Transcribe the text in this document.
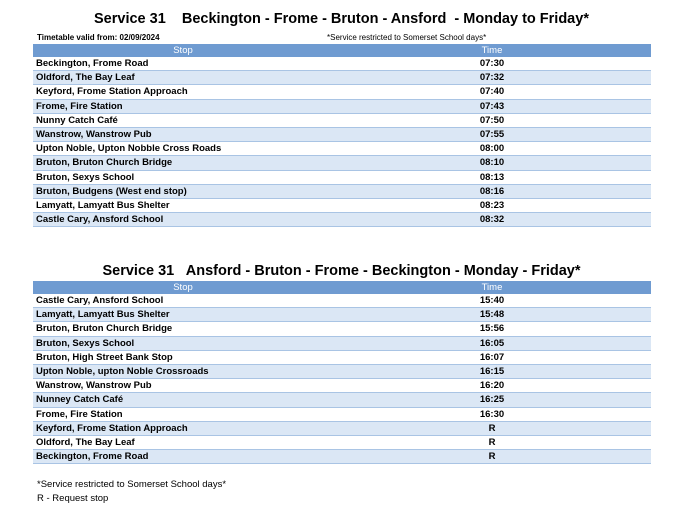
Service 31    Beckington - Frome - Bruton - Ansford  - Monday to Friday*
Timetable valid from: 02/09/2024	*Service restricted to Somerset School days*
Stop	Time
Beckington, Frome Road	07:30
Oldford, The Bay Leaf	07:32
Keyford, Frome Station Approach	07:40
Frome, Fire Station	07:43
Nunny Catch Café	07:50
Wanstrow, Wanstrow Pub	07:55
Upton Noble, Upton Nobble Cross Roads	08:00
Bruton, Bruton Church Bridge	08:10
Bruton, Sexys School	08:13
Bruton, Budgens (West end stop)	08:16
Lamyatt, Lamyatt Bus Shelter	08:23
Castle Cary, Ansford School	08:32
Service 31   Ansford - Bruton - Frome - Beckington - Monday - Friday*
Stop	Time
Castle Cary, Ansford School	15:40
Lamyatt, Lamyatt Bus Shelter	15:48
Bruton, Bruton Church Bridge	15:56
Bruton, Sexys School	16:05
Bruton, High Street Bank Stop	16:07
Upton Noble, upton Noble Crossroads	16:15
Wanstrow, Wanstrow Pub	16:20
Nunney Catch Café	16:25
Frome, Fire Station	16:30
Keyford, Frome Station Approach	R
Oldford, The Bay Leaf	R
Beckington, Frome Road	R
*Service restricted to Somerset School days*
R - Request stop
